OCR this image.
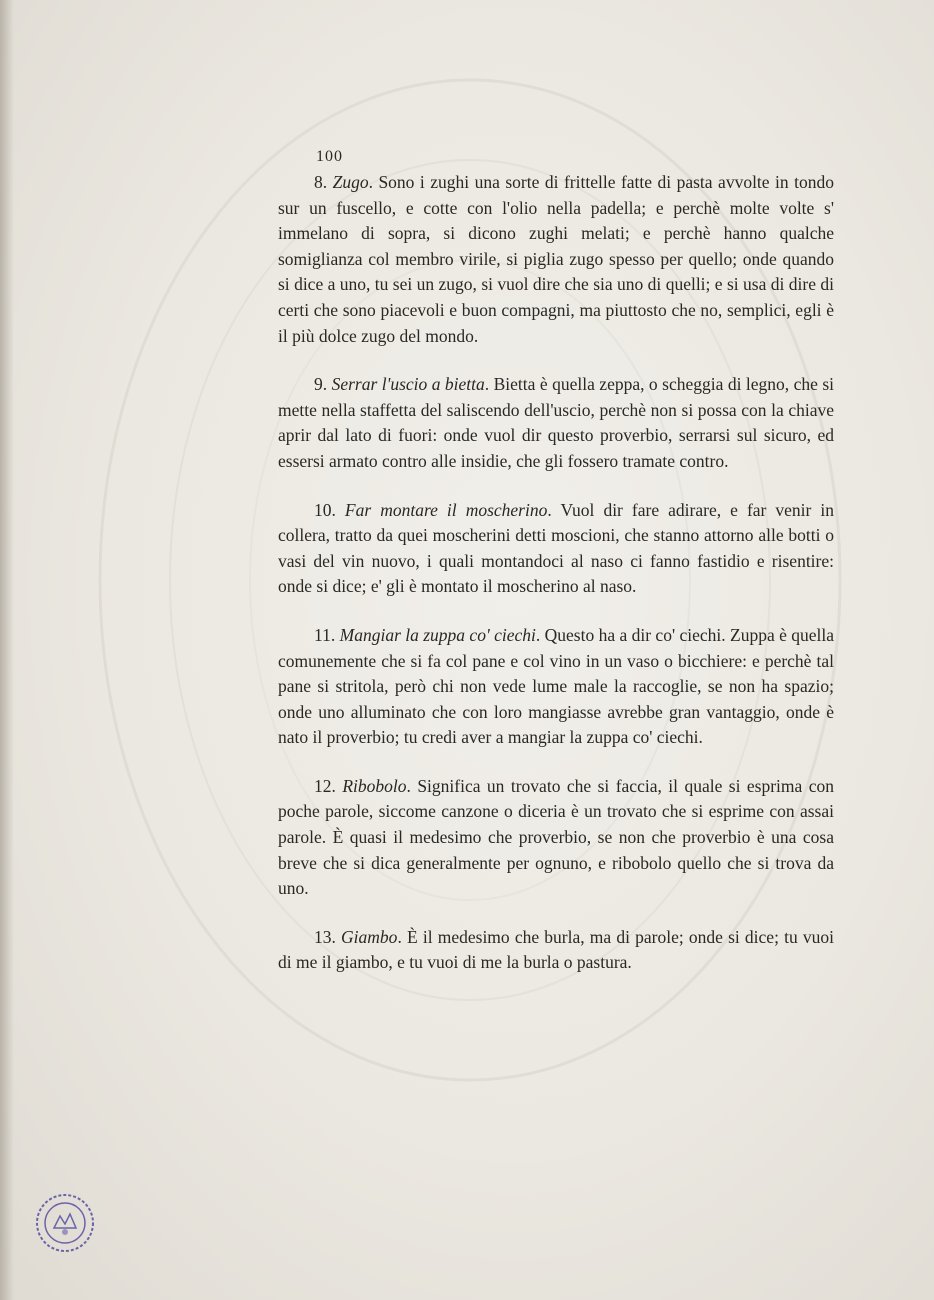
100

8. Zugo. Sono i zughi una sorte di frittelle fatte di pasta avvolte in tondo sur un fuscello, e cotte con l'olio nella padella; e perchè molte volte s' immelano di sopra, si dicono zughi melati; e perchè hanno qualche somiglianza col membro virile, si piglia zugo spesso per quello; onde quando si dice a uno, tu sei un zugo, si vuol dire che sia uno di quelli; e si usa di dire di certi che sono piacevoli e buon compagni, ma piuttosto che no, semplici, egli è il più dolce zugo del mondo.

9. Serrar l'uscio a bietta. Bietta è quella zeppa, o scheggia di legno, che si mette nella staffetta del saliscendo dell'uscio, perchè non si possa con la chiave aprir dal lato di fuori: onde vuol dir questo proverbio, serrarsi sul sicuro, ed essersi armato contro alle insidie, che gli fossero tramate contro.

10. Far montare il moscherino. Vuol dir fare adirare, e far venir in collera, tratto da quei moscherini detti moscioni, che stanno attorno alle botti o vasi del vin nuovo, i quali montandoci al naso ci fanno fastidio e risentire: onde si dice; e' gli è montato il moscherino al naso.

11. Mangiar la zuppa co' ciechi. Questo ha a dir co' ciechi. Zuppa è quella comunemente che si fa col pane e col vino in un vaso o bicchiere: e perchè tal pane si stritola, però chi non vede lume male la raccoglie, se non ha spazio; onde uno alluminato che con loro mangiasse avrebbe gran vantaggio, onde è nato il proverbio; tu credi aver a mangiar la zuppa co' ciechi.

12. Ribobolo. Significa un trovato che si faccia, il quale si esprima con poche parole, siccome canzone o diceria è un trovato che si esprime con assai parole. È quasi il medesimo che proverbio, se non che proverbio è una cosa breve che si dica generalmente per ognuno, e ribobolo quello che si trova da uno.

13. Giambo. È il medesimo che burla, ma di parole; onde si dice; tu vuoi di me il giambo, e tu vuoi di me la burla o pastura.
